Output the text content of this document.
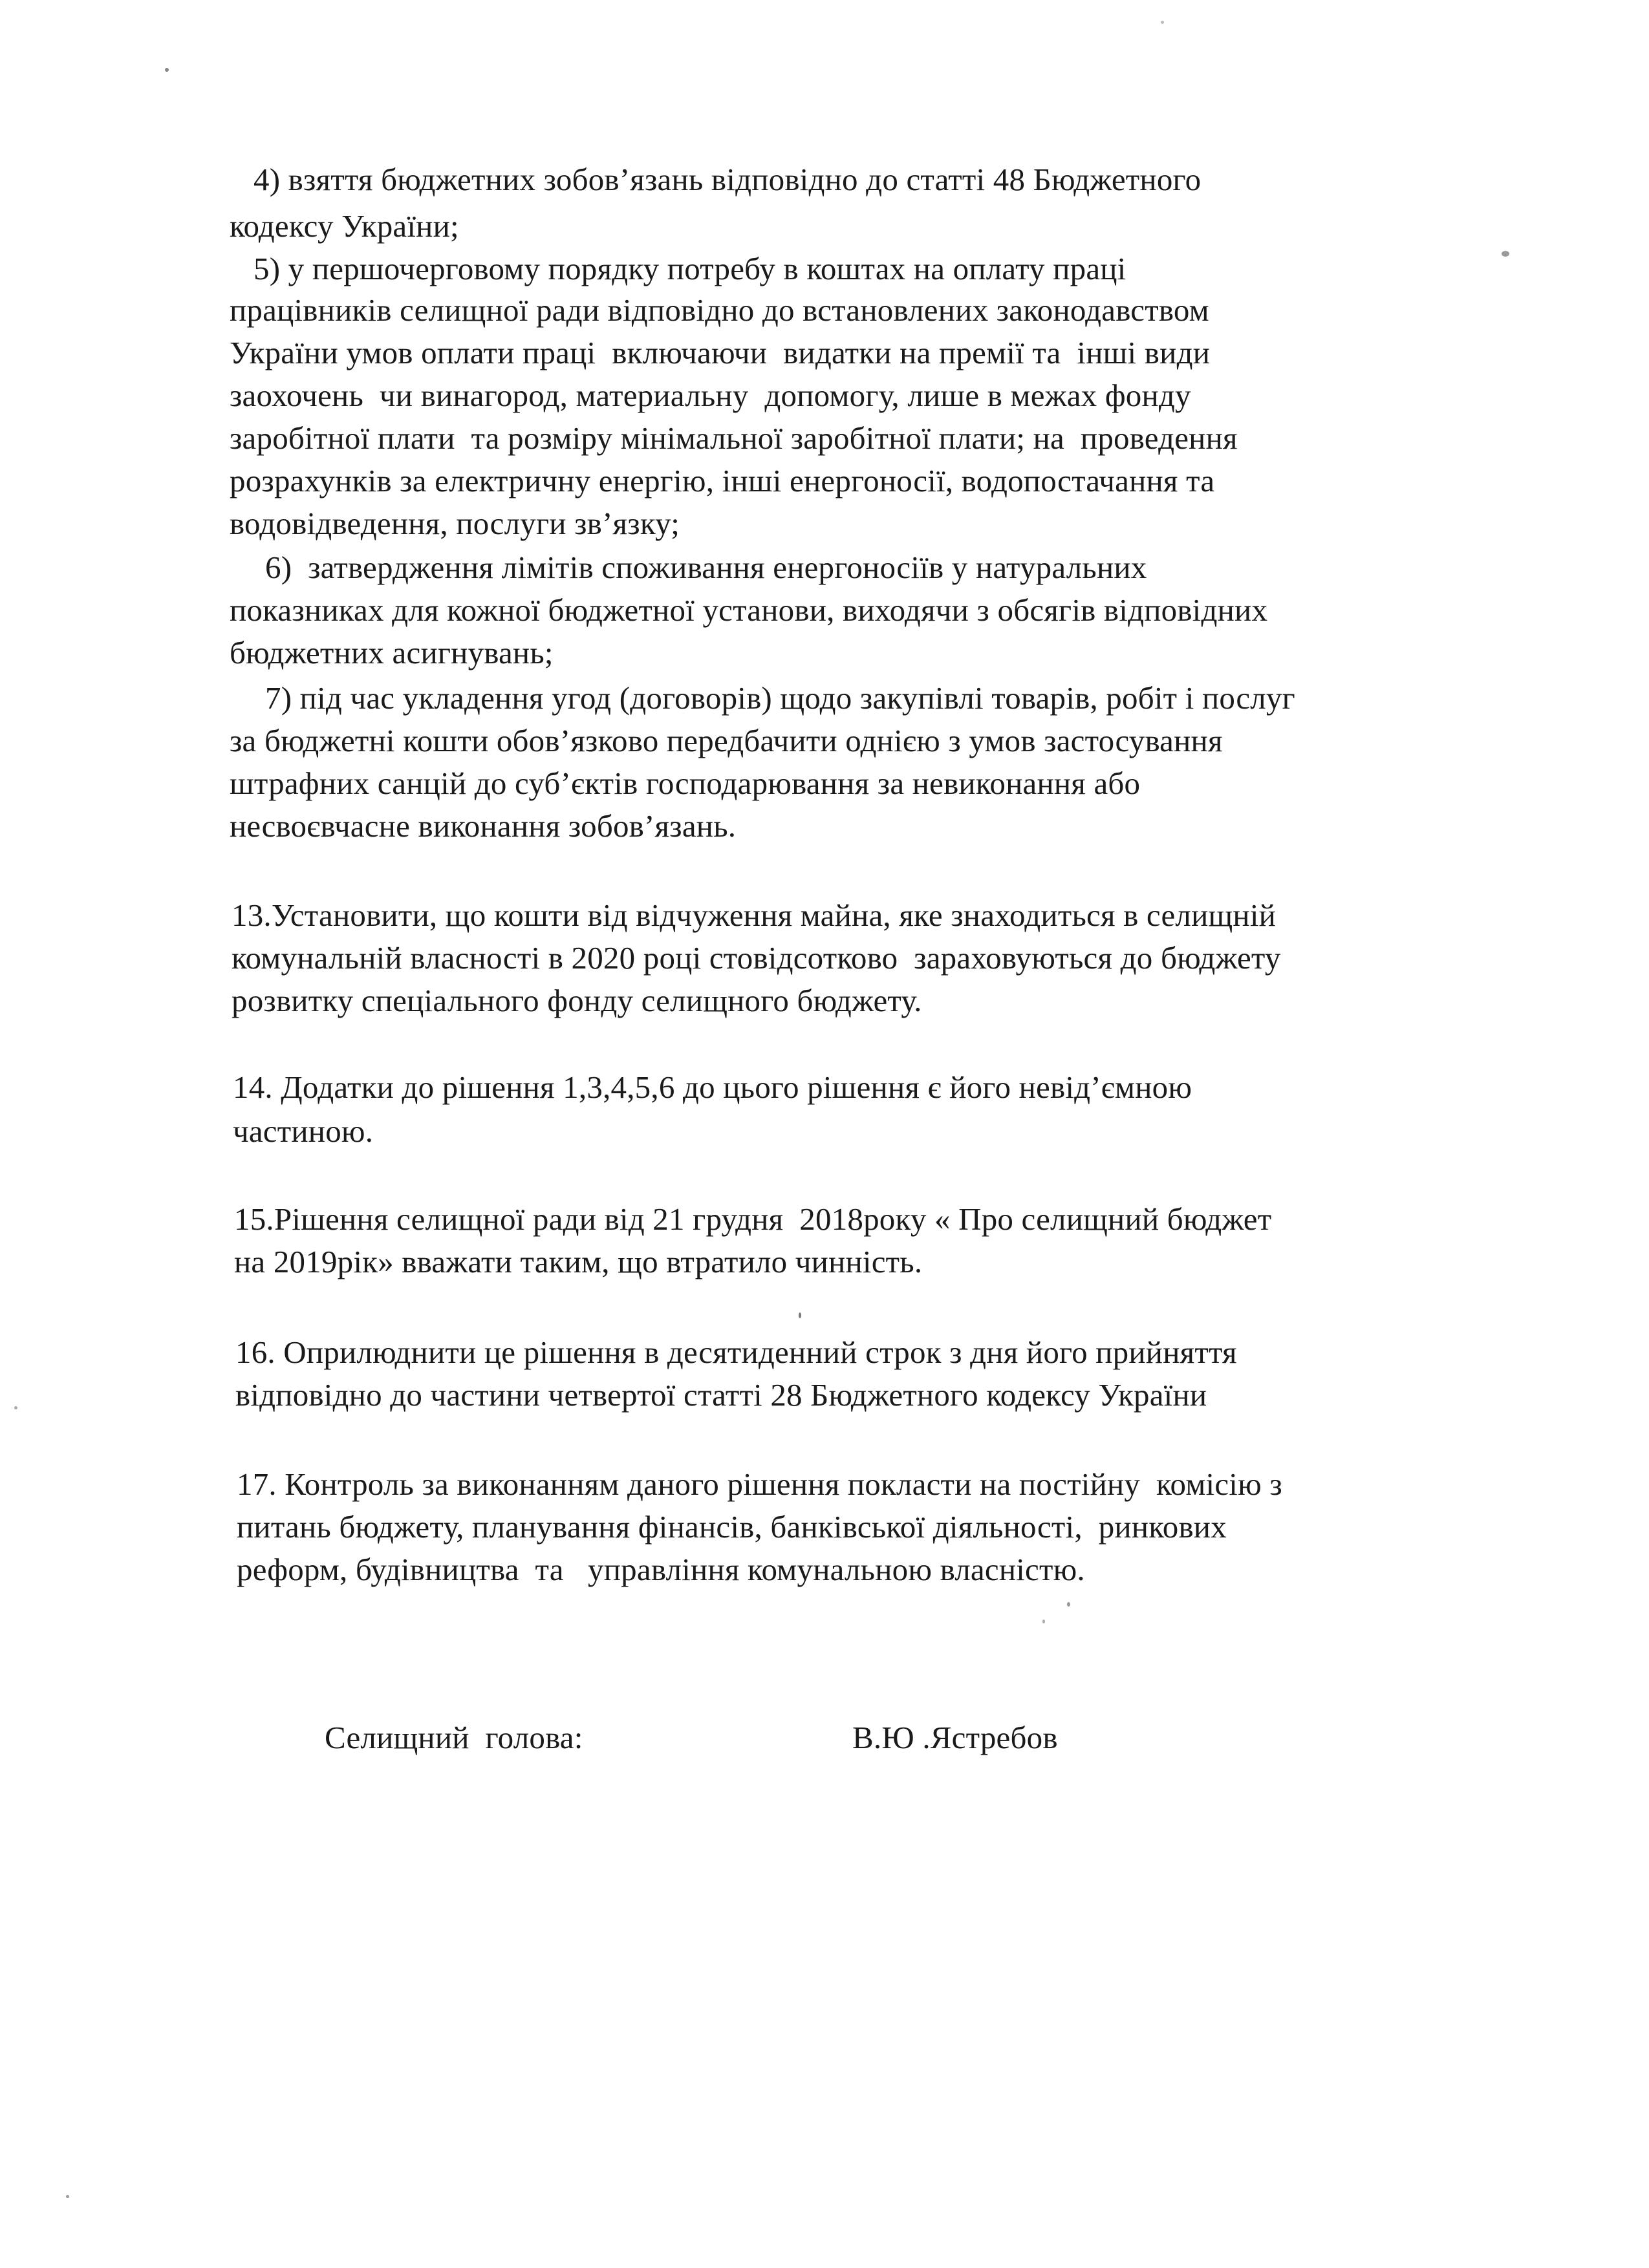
4) взяття бюджетних зобов’язань відповідно до статті 48 Бюджетного
кодексу України;
5) у першочерговому порядку потребу в коштах на оплату праці
працівників селищної ради відповідно до встановлених законодавством
України умов оплати праці  включаючи  видатки на премії та  інші види
заохочень  чи винагород, материальну  допомогу, лише в межах фонду
заробітної плати  та розміру мінімальної заробітної плати; на  проведення
розрахунків за електричну енергію, інші енергоносії, водопостачання та
водовідведення, послуги зв’язку;
6)  затвердження лімітів споживання енергоносіїв у натуральних
показниках для кожної бюджетної установи, виходячи з обсягів відповідних
бюджетних асигнувань;
7) під час укладення угод (договорів) щодо закупівлі товарів, робіт і послуг
за бюджетні кошти обов’язково передбачити однією з умов застосування
штрафних санцій до суб’єктів господарювання за невиконання або
несвоєвчасне виконання зобов’язань.
13.Установити, що кошти від відчуження майна, яке знаходиться в селищній
комунальній власності в 2020 році стовідсотково  зараховуються до бюджету
розвитку спеціального фонду селищного бюджету.
14. Додатки до рішення 1,3,4,5,6 до цього рішення є його невід’ємною
частиною.
15.Рішення селищної ради від 21 грудня  2018року « Про селищний бюджет
на 2019рік» вважати таким, що втратило чинність.
16. Оприлюднити це рішення в десятиденний строк з дня його прийняття
відповідно до частини четвертої статті 28 Бюджетного кодексу України
17. Контроль за виконанням даного рішення покласти на постійну  комісію з
питань бюджету, планування фінансів, банківської діяльності,  ринкових
реформ, будівництва  та   управління комунальною власністю.
Селищний  голова:	В.Ю .Ястребов
